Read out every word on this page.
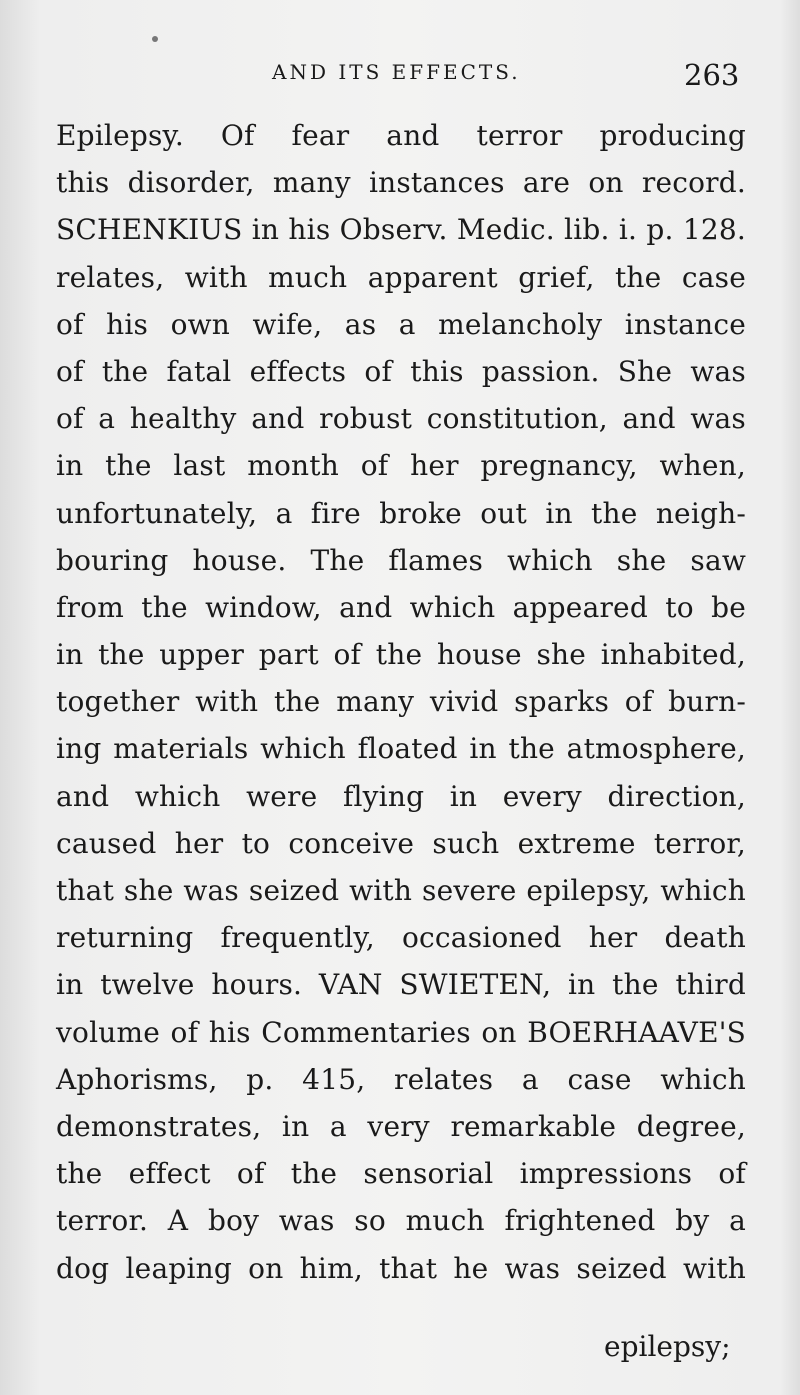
AND ITS EFFECTS.	263
Epilepsy. Of fear and terror producing
this disorder, many instances are on record.
SCHENKIUS in his Observ. Medic. lib. i. p. 128.
relates, with much apparent grief, the case
of his own wife, as a melancholy instance
of the fatal effects of this passion. She was
of a healthy and robust constitution, and was
in the last month of her pregnancy, when,
unfortunately, a fire broke out in the neigh-
bouring house. The flames which she saw
from the window, and which appeared to be
in the upper part of the house she inhabited,
together with the many vivid sparks of burn-
ing materials which floated in the atmosphere,
and which were flying in every direction,
caused her to conceive such extreme terror,
that she was seized with severe epilepsy, which
returning frequently, occasioned her death
in twelve hours. VAN SWIETEN, in the third
volume of his Commentaries on BOERHAAVE'S
Aphorisms, p. 415, relates a case which
demonstrates, in a very remarkable degree,
the effect of the sensorial impressions of
terror. A boy was so much frightened by a
dog leaping on him, that he was seized with
epilepsy;
